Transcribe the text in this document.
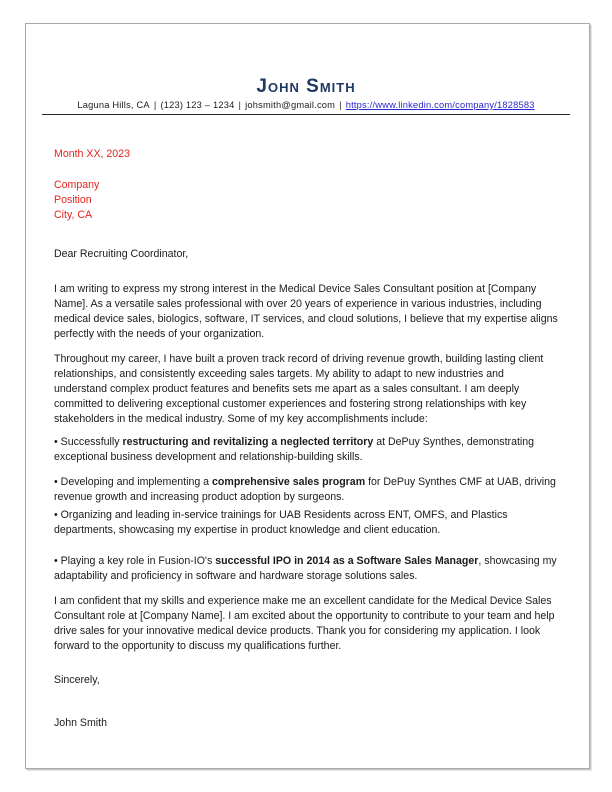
John Smith
Laguna Hills, CA | (123) 123 – 1234 | johsmith@gmail.com | https://www.linkedin.com/company/1828583

Month XX, 2023

Company

Position

City, CA

Dear Recruiting Coordinator,

I am writing to express my strong interest in the Medical Device Sales Consultant position at [Company Name]. As a versatile sales professional with over 20 years of experience in various industries, including medical device sales, biologics, software, IT services, and cloud solutions, I believe that my expertise aligns perfectly with the needs of your organization.

Throughout my career, I have built a proven track record of driving revenue growth, building lasting client relationships, and consistently exceeding sales targets. My ability to adapt to new industries and understand complex product features and benefits sets me apart as a sales consultant. I am deeply committed to delivering exceptional customer experiences and fostering strong relationships with key stakeholders in the medical industry. Some of my key accomplishments include:

• Successfully restructuring and revitalizing a neglected territory at DePuy Synthes, demonstrating exceptional business development and relationship-building skills.

• Developing and implementing a comprehensive sales program for DePuy Synthes CMF at UAB, driving revenue growth and increasing product adoption by surgeons.

• Organizing and leading in-service trainings for UAB Residents across ENT, OMFS, and Plastics departments, showcasing my expertise in product knowledge and client education.

• Playing a key role in Fusion-IO's successful IPO in 2014 as a Software Sales Manager, showcasing my adaptability and proficiency in software and hardware storage solutions sales.

I am confident that my skills and experience make me an excellent candidate for the Medical Device Sales Consultant role at [Company Name]. I am excited about the opportunity to contribute to your team and help drive sales for your innovative medical device products. Thank you for considering my application. I look forward to the opportunity to discuss my qualifications further.

Sincerely,

John Smith
